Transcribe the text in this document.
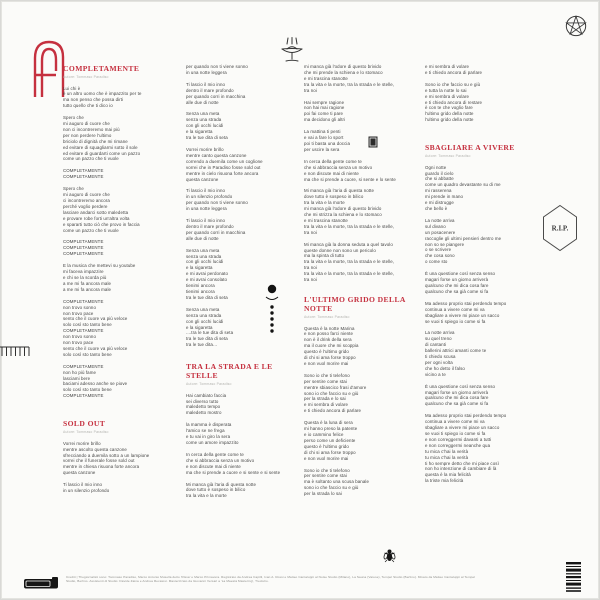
R.I.P.
COMPLETAMENTE
Autore: Tommaso Paradiso

Lui chi è
è un altro uomo che è impazzito per te
ma non penso che possa dirti
tutto quello che ti dico io

Spero che
mi auguro di cuore che
non ci incontreremo mai più
per non perdere l'ultimo
briciolo di dignità che mi rimane
ed evitare di squagliarmi sotto il sole
ed evitare di guardarti come un pazzo
come un pazzo che ti vuole

COMPLETAMENTE
COMPLETAMENTE

Spero che
mi auguro di cuore che
ci incontreremo ancora
perché voglio perdere
lasciare andarci sotto maledetta
e provare robe forti un'altra volta
e spararti tutto ciò che provo in faccia
come un pazzo che ti vuole

COMPLETAMENTE
COMPLETAMENTE
COMPLETAMENTE

E la musica che mettevi su youtube
mi faceva impazzire
e chi se la scorda più
a me mi fa ancora male
a me mi fa ancora male

COMPLETAMENTE
non trovo sonno
non trovo pace
sento che il cuore va più veloce
solo così sto tanto bene
COMPLETAMENTE
non trovo sonno
non trovo pace
sento che il cuore va più veloce
solo così sto tanto bene

COMPLETAMENTE
non ho più fame
lasciami bere
baciami adesso anche se piove
solo così sto tanto bene
COMPLETAMENTE

SOLD OUT
Autore: Tommaso Paradiso

Vorrei morire brillo
mentre ascolto questa canzone
sfrecciando a duemila sotto a un lampione
vorrei che il funerale fosse sold out
mentre in chiesa risuona forte ancora
questa canzone

Ti lascio il mio inno
in un silenzio profondo

per quando non ti viene sonno
in una notte leggera

Ti lascio il mio inno
dentro il mare profondo
per quando corri in macchina
alle due di notte

Senza una meta
senza una strada
con gli occhi lucidi
e la sigaretta
tra le tue dita di seta

Vorrei morire brillo
mentre canto questa canzone
correndo a duemila come un coglione
vorrei che in Paradiso fosse sold out
mentre in cielo risuona forte ancora
questa canzone

Ti lascio il mio inno
in un silenzio profondo
per quando non ti viene sonno
in una notte leggera

Ti lascio il mio inno
dentro il mare profondo
per quando corri in macchina
alle due di notte

Senza una meta
senza una strada
con gli occhi lucidi
e la sigaretta
e mi avrai perdonato
e mi avrai consolato
tienimi ancora
tienimi ancora
tra le tue dita di seta

Senza una meta
senza una strada
con gli occhi lucidi
e la sigaretta
....tra le tue dita di seta
tra le tue dita di seta
tra le tue dita…

TRA LA STRADA E LE STELLE
Autore: Tommaso Paradiso

Hai cambiato faccia
sei diverso tutto
maledetto tempo
maledetto mostro

la mamma è disperata
l'amico se ne frega
e tu vai in giro la sera
come un amore impazzito

In cerca della gente come te
che si abbraccia senza un motivo
e non discute mai di niente
ma che si prende a cuore e si sente e si sente

Mi manca già l'aria di questa notte
dove tutto è sospeso in bilico
tra la vita e la morte

mi manca già l'odore di questo brivido
che mi prende la schiena e lo stomaco
e mi trascina stanotte
tra la vita e la morte, tra la strada e le stelle,
tra noi

Hai sempre ragione
non hai mai ragione
poi fai come ti pare
ma decidono gli altri

La mattina ti penti
e vai a fare lo sport
poi ti basta una doccia
per uscire la sera

In cerca della gente come te
che si abbraccia senza un motivo
e non discute mai di niente
ma che si prende a cuore, si sente e lo sente

Mi manca già l'aria di questa notte
dove tutto è sospeso in bilico
tra la vita e la morte
mi manca già l'odore di questo brivido
che mi strizza la schiena e lo stomaco
e mi trascina stanotte
tra la vita e la morte, tra la strada e le stelle,
tra noi

Mi manca già la donna seduta a quel tavolo
queste donne non sono un pericolo
ma la spinta di tutto
tra la vita e la morte, tra la strada e le stelle,
tra noi
tra la vita e la morte, tra la strada e le stelle,
tra noi

L'ULTIMO GRIDO DELLA NOTTE
Autore: Tommaso Paradiso

Questa è la notte Marina
e non posso farci niente
non è il drink della sera
ma il cuore che mi scoppia
questo è l'ultimo grido
di chi si ama forse troppo
e non vuol morire mai

Sono io che ti telefono
per sentire come stai
mentre sbiascico frasi d'amore
sono io che faccio su e giù
per la strada e lo sai
e mi sembra di volare
e ti chiedo ancora di parlare

Questa è la luna di sera
mi hanno preso la patente
e io cammino felice
perso come un deficiente
questo è l'ultimo grido
di chi si ama forse troppo
e non vuol morire mai

Sono io che ti telefono
per sentire come stai
ma è soltanto una scusa banale
sono io che faccio su e giù
per la strada lo sai

e mi sembra di volare
e ti chiedo ancora di parlare

Sono io che faccio su e giù
e tutta la notte lo sai
e mi sembra di volare
e ti chiedo ancora di restare
è con te che voglio fare
l'ultimo grido della notte
l'ultimo grido della notte

SBAGLIARE A VIVERE
Autore: Tommaso Paradiso

Ogni notte
guardo il cielo
che si abbatte
come un quadro devastante su di me
mi rasserena
mi prende in mano
e mi distrugge
che bello è

La notte arriva
sul divano
un posacenere
raccoglie gli ultimi pensieri dentro me
non so se piangere
o se scrivere
che cosa sono
o come sto

È una questione così senza senso
magari forse un giorno arriverà
qualcuno che mi dica cosa fare
qualcuno che sa già come si fa

Ma adesso proprio stai perdendo tempo
continua a vivere come mi va
sbagliare a vivere mi piace un sacco
se vuoi ti spiego io come si fa

La notte arriva
su quel treno
di cantanti
ballerini attrici amanti come te
ti chiedo scusa
per ogni volta
che ho detto il falso
vicino a te

È una questione così senza senso
magari forse un giorno arriverà
qualcuno che mi dica cosa fare
qualcuno che sa già come si fa

Ma adesso proprio stai perdendo tempo
continua a vivere come mi va
sbagliare a vivere mi piace un sacco
se vuoi ti spiego io come si fa
e non correggermi davanti a tutti
e non correggermi neanche qua
tu mica c'hai la verità
tu mica c'hai la verità
ti ho sempre detto che mi piace così
non ho intenzione di cambiare di là
questa è la mia felicità
la triste mia felicità

Crediti | Thegiornalisti sono: Tommaso Paradiso, Marco Antonio Musella detto 'Rissa' e Marco Primavera. Registrato da Andrea Capilli, Ivan A. Rossi e Matteo Cantaluppi al Noise Studio (Milano), La Sauna (Varese), Tempel Studio (Berlino). Mixato da Matteo Cantaluppi al Tempel
Studio, Berlino. Assistenti di Studio: Davide Zaina e Andrea Recatosi. Masterizzato da Giovanni Versari a 'La Maestà Mastering', Tredozio.
